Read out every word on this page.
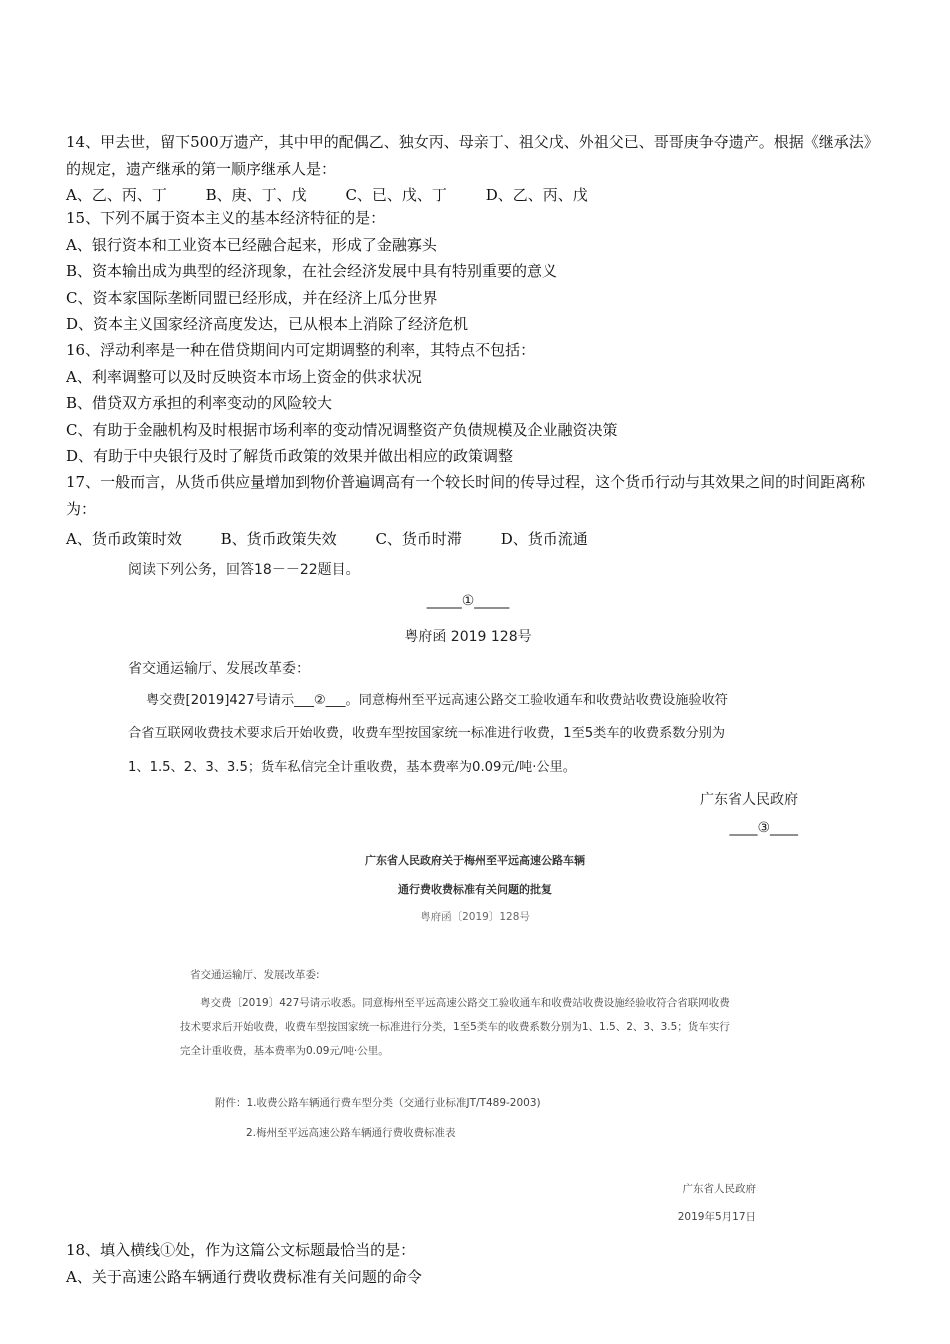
14、甲去世，留下500万遗产，其中甲的配偶乙、独女丙、母亲丁、祖父戊、外祖父已、哥哥庚争夺遗产。根据《继承法》的规定，遗产继承的第一顺序继承人是：
A、乙、丙、丁	B、庚、丁、戊	C、已、戊、丁	D、乙、丙、戊
15、下列不属于资本主义的基本经济特征的是：
A、银行资本和工业资本已经融合起来，形成了金融寡头
B、资本输出成为典型的经济现象，在社会经济发展中具有特别重要的意义
C、资本家国际垄断同盟已经形成，并在经济上瓜分世界
D、资本主义国家经济高度发达，已从根本上消除了经济危机
16、浮动利率是一种在借贷期间内可定期调整的利率，其特点不包括：
A、利率调整可以及时反映资本市场上资金的供求状况
B、借贷双方承担的利率变动的风险较大
C、有助于金融机构及时根据市场利率的变动情况调整资产负债规模及企业融资决策
D、有助于中央银行及时了解货币政策的效果并做出相应的政策调整
17、一般而言，从货币供应量增加到物价普遍调高有一个较长时间的传导过程，这个货币行动与其效果之间的时间距离称为：
A、货币政策时效	B、货币政策失效	C、货币时滞	D、货币流通
阅读下列公务，回答18－－22题目。
_____①_____
粤府函 2019 128号
省交通运输厅、发展改革委：
粤交费[2019]427号请示___②___。同意梅州至平远高速公路交工验收通车和收费站收费设施验收符
合省互联网收费技术要求后开始收费，收费车型按国家统一标准进行收费，1至5类车的收费系数分别为
1、1.5、2、3、3.5；货车私信完全计重收费，基本费率为0.09元/吨·公里。
广东省人民政府
____③____
广东省人民政府关于梅州至平远高速公路车辆
通行费收费标准有关问题的批复
粤府函〔2019〕128号
省交通运输厅、发展改革委:
粤交费〔2019〕427号请示收悉。同意梅州至平远高速公路交工验收通车和收费站收费设施经验收符合省联网收费
技术要求后开始收费，收费车型按国家统一标准进行分类，1至5类车的收费系数分别为1、1.5、2、3、3.5；货车实行
完全计重收费，基本费率为0.09元/吨·公里。
附件：1.收费公路车辆通行费车型分类（交通行业标准JT/T489-2003)
2.梅州至平远高速公路车辆通行费收费标准表
广东省人民政府
2019年5月17日
18、填入横线①处，作为这篇公文标题最恰当的是：
A、关于高速公路车辆通行费收费标准有关问题的命令
